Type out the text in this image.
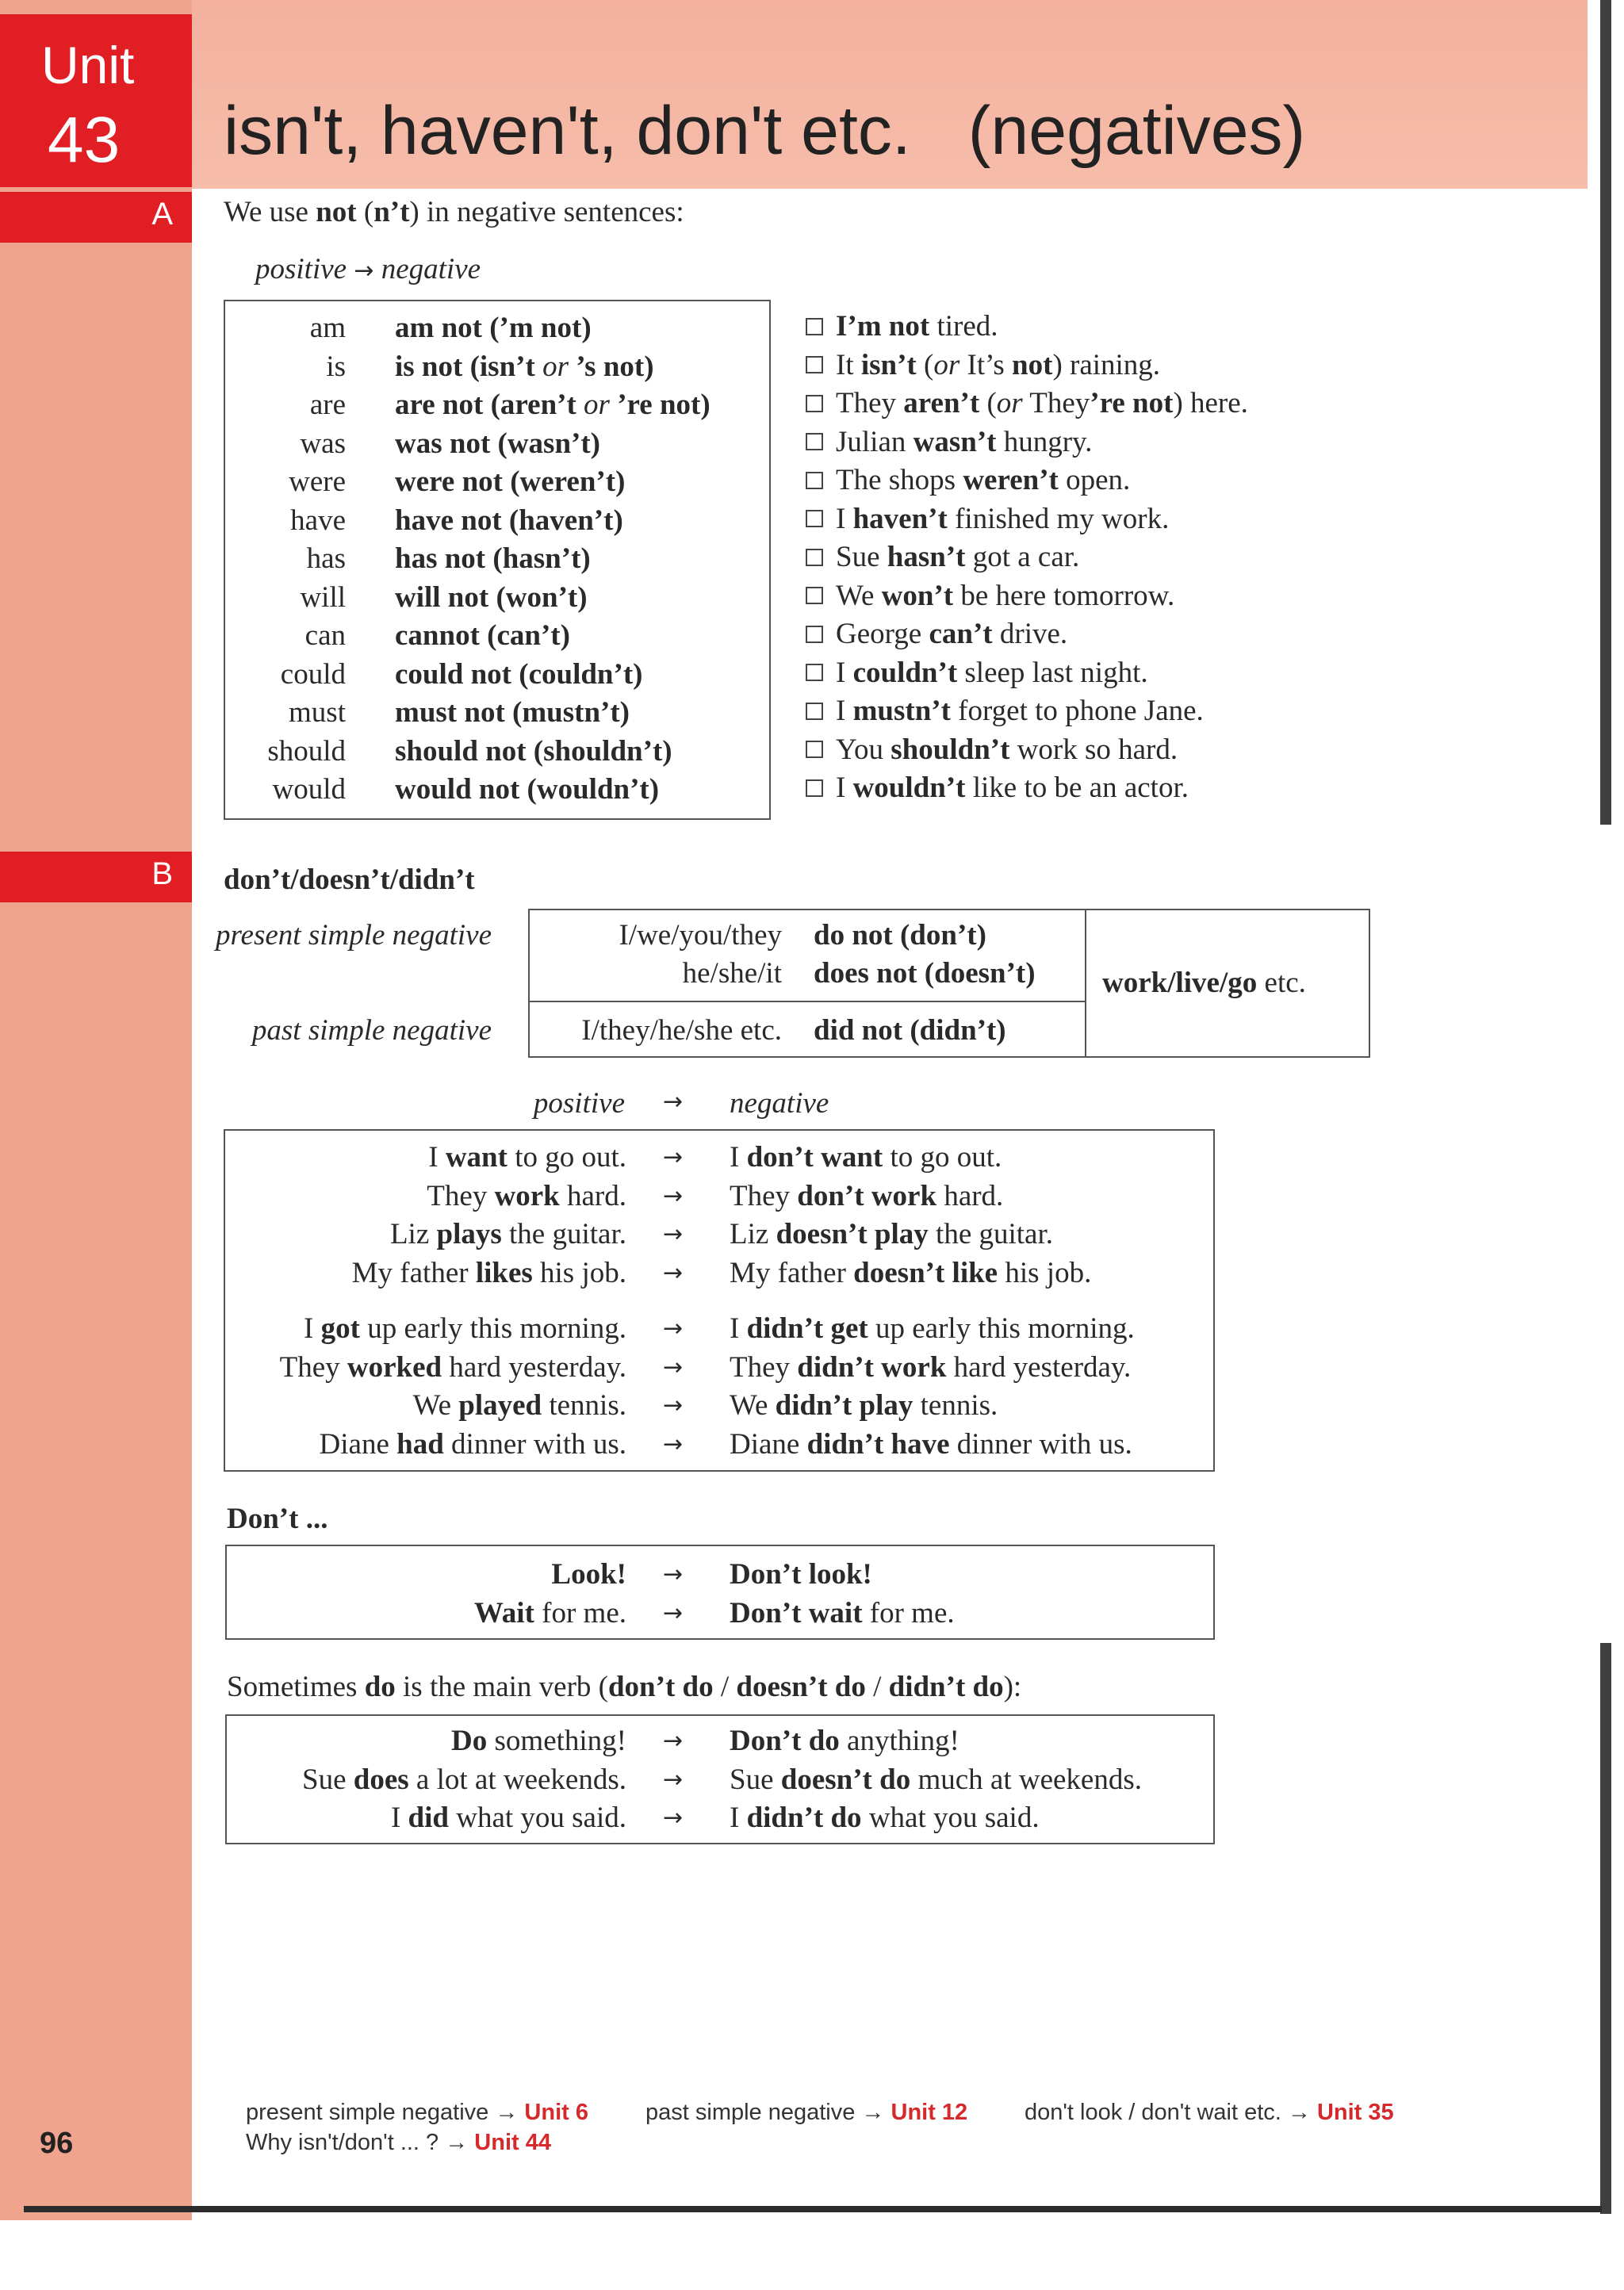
Unit
43 isn't, haven't, don't etc. (negatives)
96
A	We use not (n’t) in negative sentences:
positive → negative
am
is
are
was
were
have
has
will
can
could
must
should
would
am not (’m not)
is not (isn’t or ’s not)
are not (aren’t or ’re not)
was not (wasn’t)
were not (weren’t)
have not (haven’t)
has not (hasn’t)
will not (won’t)
cannot (can’t)
could not (couldn’t)
must not (mustn’t)
should not (shouldn’t)
would not (wouldn’t)
I’m not tired.
It isn’t (or It’s not) raining.
They aren’t (or They’re not) here.
Julian wasn’t hungry.
The shops weren’t open.
I haven’t finished my work.
Sue hasn’t got a car.
We won’t be here tomorrow.
George can’t drive.
I couldn’t sleep last night.
I mustn’t forget to phone Jane.
You shouldn’t work so hard.
I wouldn’t like to be an actor.
B	don’t/doesn’t/didn’t
present simple negative
past simple negative
I/we/you/they
he/she/it
I/they/he/she etc.
do not (don’t)
does not (doesn’t)
did not (didn’t)
work/live/go etc.
positive → negative
I want to go out.
They work hard.
Liz plays the guitar.
My father likes his job.
→
→
→
→
I don’t want to go out.
They don’t work hard.
Liz doesn’t play the guitar.
My father doesn’t like his job.
I got up early this morning.
They worked hard yesterday.
We played tennis.
Diane had dinner with us.
→
→
→
→
I didn’t get up early this morning.
They didn’t work hard yesterday.
We didn’t play tennis.
Diane didn’t have dinner with us.
Don’t ...
Look!
Wait for me.
→
→
Don’t look!
Don’t wait for me.
Sometimes do is the main verb (don’t do / doesn’t do / didn’t do):
Do something!
Sue does a lot at weekends.
I did what you said.
→
→
→
Don’t do anything!
Sue doesn’t do much at weekends.
I didn’t do what you said.
present simple negative → Unit 6 past simple negative → Unit 12 don't look / don't wait etc. → Unit 35
Why isn't/don't ... ? → Unit 44
